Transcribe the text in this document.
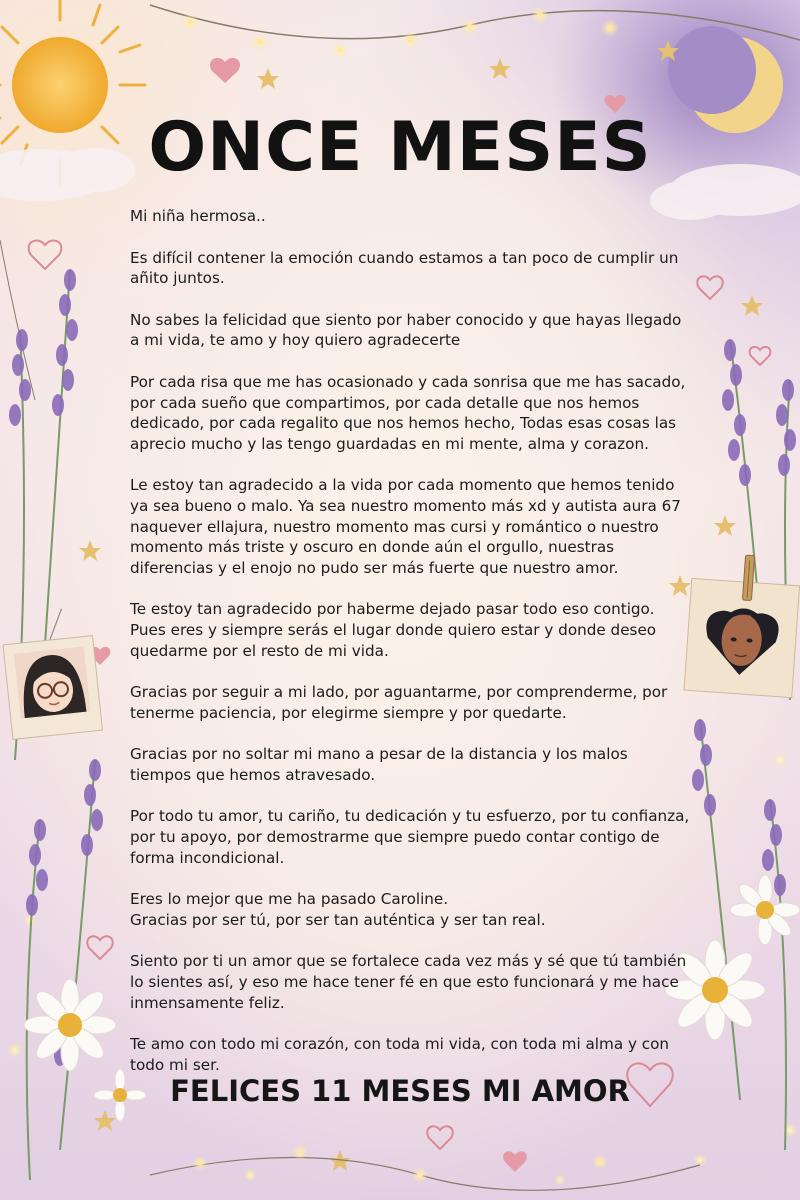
ONCE MESES

Mi niña hermosa..

Es difícil contener la emoción cuando estamos a tan poco de cumplir un añito juntos.

No sabes la felicidad que siento por haber conocido y que hayas llegado a mi vida, te amo y hoy quiero agradecerte

Por cada risa que me has ocasionado y cada sonrisa que me has sacado, por cada sueño que compartimos, por cada detalle que nos hemos dedicado, por cada regalito que nos hemos hecho, Todas esas cosas las aprecio mucho y las tengo guardadas en mi mente, alma y corazon.

Le estoy tan agradecido a la vida por cada momento que hemos tenido ya sea bueno o malo. Ya sea nuestro momento más xd y autista aura 67 naquever ellajura, nuestro momento mas cursi y romántico o nuestro momento más triste y oscuro en donde aún el orgullo, nuestras diferencias y el enojo no pudo ser más fuerte que nuestro amor.

Te estoy tan agradecido por haberme dejado pasar todo eso contigo. Pues eres y siempre serás el lugar donde quiero estar y donde deseo quedarme por el resto de mi vida.

Gracias por seguir a mi lado, por aguantarme, por comprenderme, por tenerme paciencia, por elegirme siempre y por quedarte.

Gracias por no soltar mi mano a pesar de la distancia y los malos tiempos que hemos atravesado.

Por todo tu amor, tu cariño, tu dedicación y tu esfuerzo, por tu confianza, por tu apoyo, por demostrarme que siempre puedo contar contigo de forma incondicional.

Eres lo mejor que me ha pasado Caroline.
Gracias por ser tú, por ser tan auténtica y ser tan real.

Siento por ti un amor que se fortalece cada vez más y sé que tú también lo sientes así, y eso me hace tener fé en que esto funcionará y me hace inmensamente feliz.

Te amo con todo mi corazón, con toda mi vida, con toda mi alma y con todo mi ser.

FELICES 11 MESES MI AMOR
